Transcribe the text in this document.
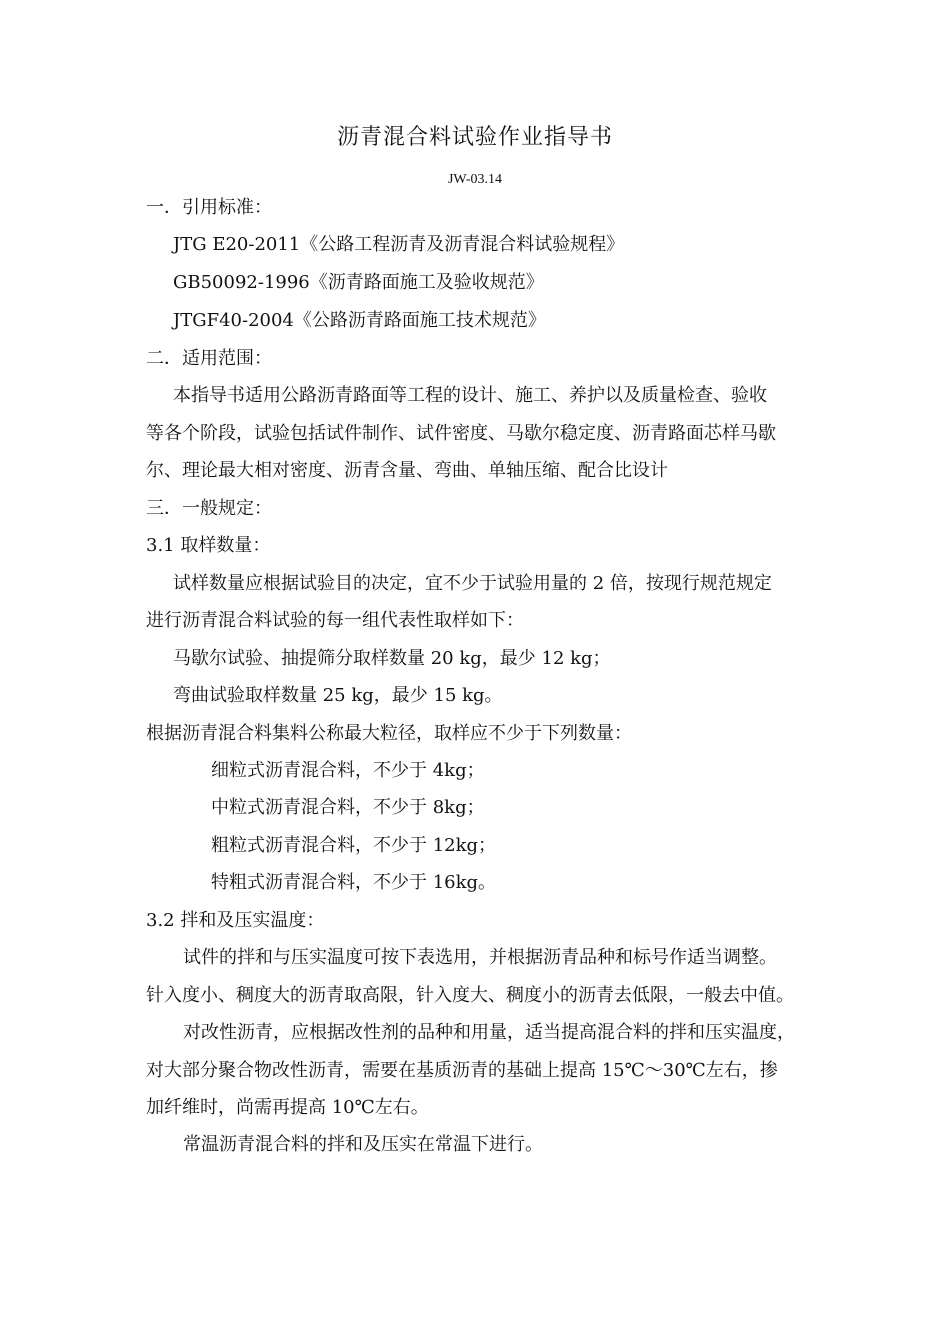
沥青混合料试验作业指导书
JW-03.14
一．引用标准：
JTG E20-2011《公路工程沥青及沥青混合料试验规程》
GB50092-1996《沥青路面施工及验收规范》
JTGF40-2004《公路沥青路面施工技术规范》
二．适用范围：
本指导书适用公路沥青路面等工程的设计、施工、养护以及质量检查、验收
等各个阶段，试验包括试件制作、试件密度、马歇尔稳定度、沥青路面芯样马歇
尔、理论最大相对密度、沥青含量、弯曲、单轴压缩、配合比设计
三．一般规定：
3.1 取样数量：
试样数量应根据试验目的决定，宜不少于试验用量的 2 倍，按现行规范规定
进行沥青混合料试验的每一组代表性取样如下：
马歇尔试验、抽提筛分取样数量 20 kg，最少 12 kg；
弯曲试验取样数量 25 kg，最少 15 kg。
根据沥青混合料集料公称最大粒径，取样应不少于下列数量：
细粒式沥青混合料，不少于 4kg；
中粒式沥青混合料，不少于 8kg；
粗粒式沥青混合料，不少于 12kg；
特粗式沥青混合料，不少于 16kg。
3.2 拌和及压实温度：
试件的拌和与压实温度可按下表选用，并根据沥青品种和标号作适当调整。
针入度小、稠度大的沥青取高限，针入度大、稠度小的沥青去低限，一般去中值。
对改性沥青，应根据改性剂的品种和用量，适当提高混合料的拌和压实温度，
对大部分聚合物改性沥青，需要在基质沥青的基础上提高 15℃～30℃左右，掺
加纤维时，尚需再提高 10℃左右。
常温沥青混合料的拌和及压实在常温下进行。
